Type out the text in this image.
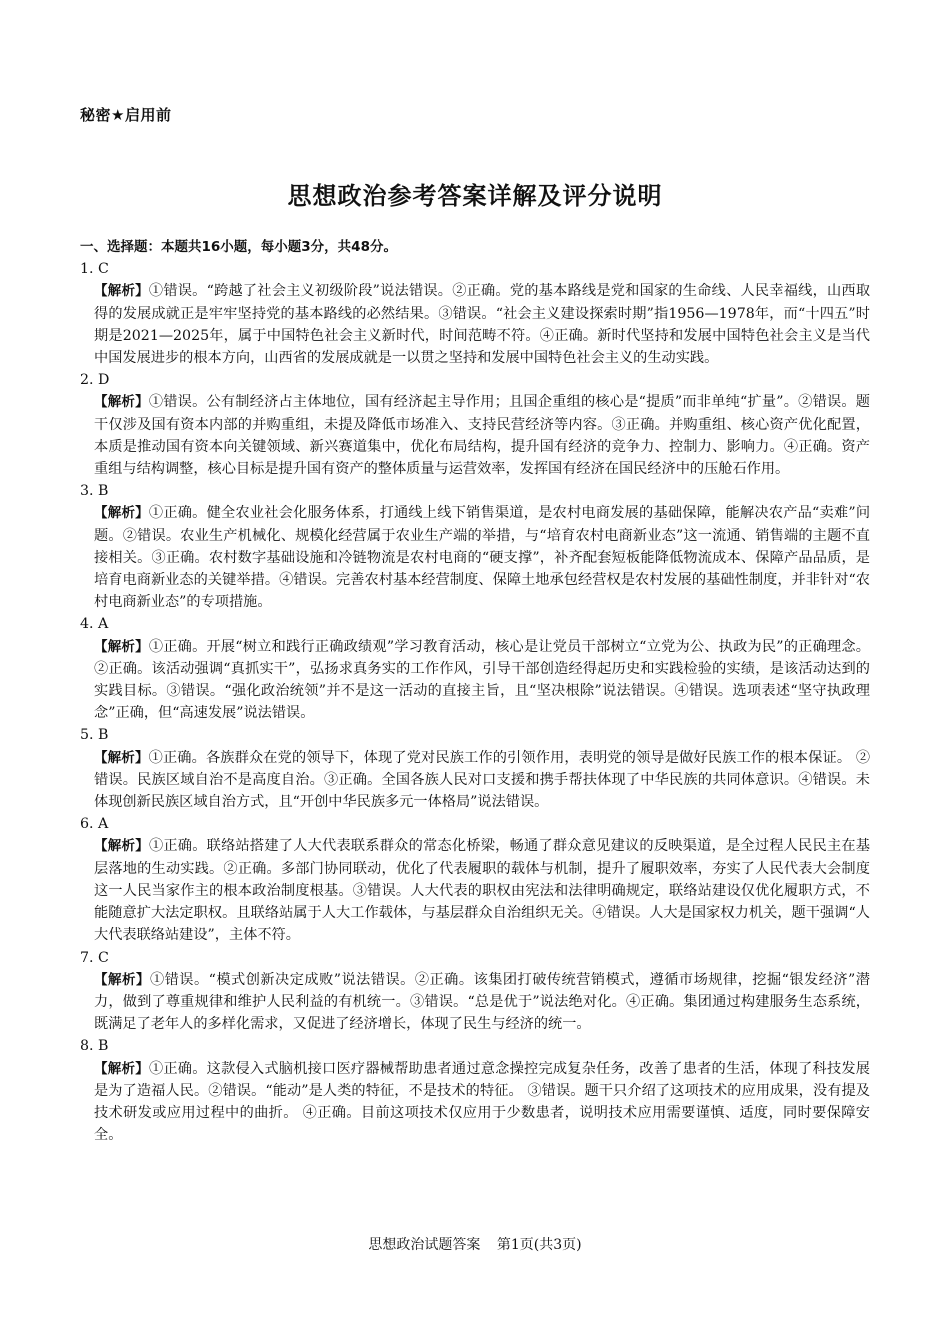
秘密★启用前
思想政治参考答案详解及评分说明
一、选择题：本题共16小题，每小题3分，共48分。

1. C

【解析】①错误。“跨越了社会主义初级阶段”说法错误。②正确。党的基本路线是党和国家的生命线、人民幸福线，山西取得的发展成就正是牢牢坚持党的基本路线的必然结果。③错误。“社会主义建设探索时期”指1956—1978年，而“十四五”时期是2021—2025年，属于中国特色社会主义新时代，时间范畴不符。④正确。新时代坚持和发展中国特色社会主义是当代中国发展进步的根本方向，山西省的发展成就是一以贯之坚持和发展中国特色社会主义的生动实践。

2. D

【解析】①错误。公有制经济占主体地位，国有经济起主导作用；且国企重组的核心是“提质”而非单纯“扩量”。②错误。题干仅涉及国有资本内部的并购重组，未提及降低市场准入、支持民营经济等内容。③正确。并购重组、核心资产优化配置，本质是推动国有资本向关键领域、新兴赛道集中，优化布局结构，提升国有经济的竞争力、控制力、影响力。④正确。资产重组与结构调整，核心目标是提升国有资产的整体质量与运营效率，发挥国有经济在国民经济中的压舱石作用。

3. B

【解析】①正确。健全农业社会化服务体系，打通线上线下销售渠道，是农村电商发展的基础保障，能解决农产品“卖难”问题。②错误。农业生产机械化、规模化经营属于农业生产端的举措，与“培育农村电商新业态”这一流通、销售端的主题不直接相关。③正确。农村数字基础设施和冷链物流是农村电商的“硬支撑”，补齐配套短板能降低物流成本、保障产品品质，是培育电商新业态的关键举措。④错误。完善农村基本经营制度、保障土地承包经营权是农村发展的基础性制度，并非针对“农村电商新业态”的专项措施。

4. A

【解析】①正确。开展“树立和践行正确政绩观”学习教育活动，核心是让党员干部树立“立党为公、执政为民”的正确理念。②正确。该活动强调“真抓实干”，弘扬求真务实的工作作风，引导干部创造经得起历史和实践检验的实绩，是该活动达到的实践目标。③错误。“强化政治统领”并不是这一活动的直接主旨，且“坚决根除”说法错误。④错误。选项表述“坚守执政理念”正确，但“高速发展”说法错误。

5. B

【解析】①正确。各族群众在党的领导下，体现了党对民族工作的引领作用，表明党的领导是做好民族工作的根本保证。 ②错误。民族区域自治不是高度自治。③正确。全国各族人民对口支援和携手帮扶体现了中华民族的共同体意识。④错误。未体现创新民族区域自治方式，且“开创中华民族多元一体格局”说法错误。

6. A

【解析】①正确。联络站搭建了人大代表联系群众的常态化桥梁，畅通了群众意见建议的反映渠道，是全过程人民民主在基层落地的生动实践。②正确。多部门协同联动，优化了代表履职的载体与机制，提升了履职效率，夯实了人民代表大会制度这一人民当家作主的根本政治制度根基。③错误。人大代表的职权由宪法和法律明确规定，联络站建设仅优化履职方式，不能随意扩大法定职权。且联络站属于人大工作载体，与基层群众自治组织无关。④错误。人大是国家权力机关，题干强调“人大代表联络站建设”，主体不符。

7. C

【解析】①错误。“模式创新决定成败”说法错误。②正确。该集团打破传统营销模式，遵循市场规律，挖掘“银发经济”潜力，做到了尊重规律和维护人民利益的有机统一。③错误。“总是优于”说法绝对化。④正确。集团通过构建服务生态系统，既满足了老年人的多样化需求，又促进了经济增长，体现了民生与经济的统一。

8. B

【解析】①正确。这款侵入式脑机接口医疗器械帮助患者通过意念操控完成复杂任务，改善了患者的生活，体现了科技发展是为了造福人民。②错误。“能动”是人类的特征，不是技术的特征。 ③错误。题干只介绍了这项技术的应用成果，没有提及技术研发或应用过程中的曲折。 ④正确。目前这项技术仅应用于少数患者，说明技术应用需要谨慎、适度，同时要保障安全。

思想政治试题答案 第1页(共3页)
